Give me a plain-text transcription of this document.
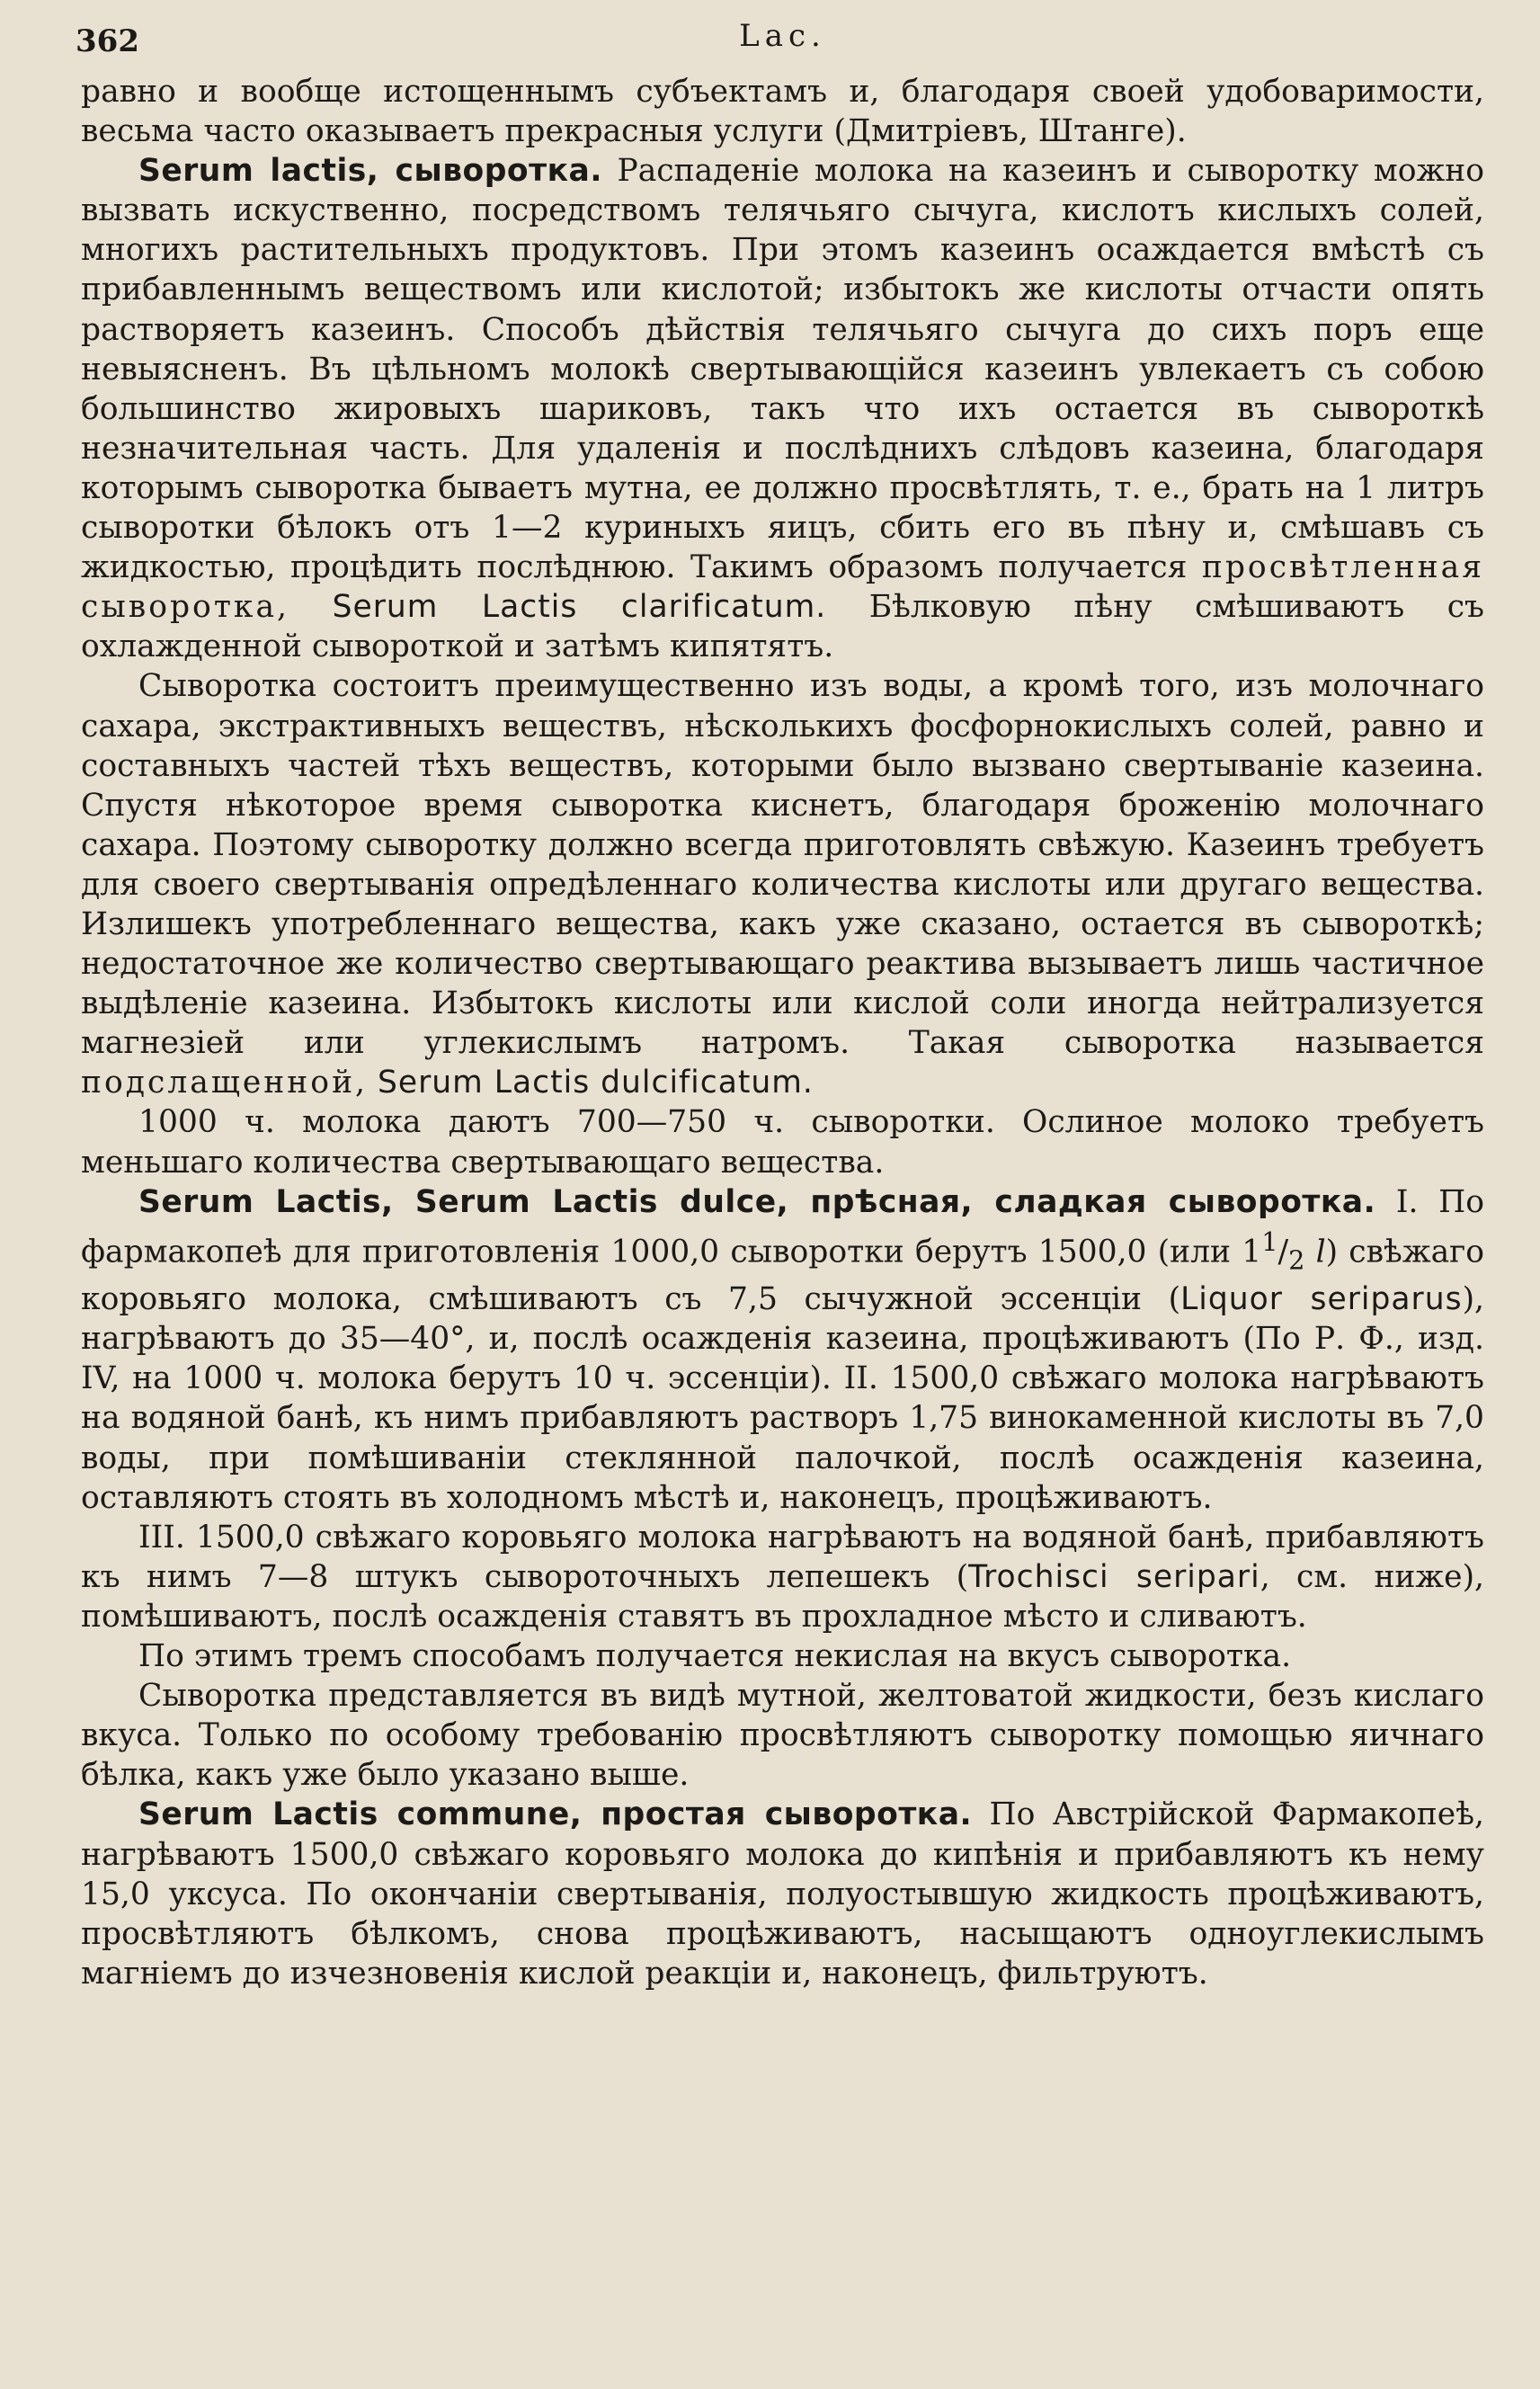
362	Lac.

равно и вообще истощеннымъ субъектамъ и, благодаря своей удобоваримости, весьма часто оказываетъ прекрасныя услуги (Дмитріевъ, Штанге).

Serum lactis, сыворотка. Распаденіе молока на казеинъ и сыворотку можно вызвать искуственно, посредствомъ телячьяго сычуга, кислотъ кислыхъ солей, многихъ растительныхъ продуктовъ. При этомъ казеинъ осаждается вмѣстѣ съ прибавленнымъ веществомъ или кислотой; избытокъ же кислоты отчасти опять растворяетъ казеинъ. Способъ дѣйствія телячьяго сычуга до сихъ поръ еще невыясненъ. Въ цѣльномъ молокѣ свертывающійся казеинъ увлекаетъ съ собою большинство жировыхъ шариковъ, такъ что ихъ остается въ сывороткѣ незначительная часть. Для удаленія и послѣднихъ слѣдовъ казеина, благодаря которымъ сыворотка бываетъ мутна, ее должно просвѣтлять, т. е., брать на 1 литръ сыворотки бѣлокъ отъ 1—2 куриныхъ яицъ, сбить его въ пѣну и, смѣшавъ съ жидкостью, процѣдить послѣднюю. Такимъ образомъ получается просвѣтленная сыворотка, Serum Lactis clarificatum. Бѣлковую пѣну смѣшиваютъ съ охлажденной сывороткой и затѣмъ кипятятъ.

Сыворотка состоитъ преимущественно изъ воды, а кромѣ того, изъ молочнаго сахара, экстрактивныхъ веществъ, нѣсколькихъ фосфорнокислыхъ солей, равно и составныхъ частей тѣхъ веществъ, которыми было вызвано свертываніе казеина. Спустя нѣкоторое время сыворотка киснетъ, благодаря броженію молочнаго сахара. Поэтому сыворотку должно всегда приготовлять свѣжую. Казеинъ требуетъ для своего свертыванія опредѣленнаго количества кислоты или другаго вещества. Излишекъ употребленнаго вещества, какъ уже сказано, остается въ сывороткѣ; недостаточное же количество свертывающаго реактива вызываетъ лишь частичное выдѣленіе казеина. Избытокъ кислоты или кислой соли иногда нейтрализуется магнезіей или углекислымъ натромъ. Такая сыворотка называется подслащенной, Serum Lactis dulcificatum.

1000 ч. молока даютъ 700—750 ч. сыворотки. Ослиное молоко требуетъ меньшаго количества свертывающаго вещества.

Serum Lactis, Serum Lactis dulce, прѣсная, сладкая сыворотка. I. По фармакопеѣ для приготовленія 1000,0 сыворотки берутъ 1500,0 (или $1^1/_2$ l) свѣжаго коровьяго молока, смѣшиваютъ съ 7,5 сычужной эссенціи (Liquor seriparus), нагрѣваютъ до 35—40°, и, послѣ осажденія казеина, процѣживаютъ (По Р. Ф., изд. IV, на 1000 ч. молока берутъ 10 ч. эссенціи). II. 1500,0 свѣжаго молока нагрѣваютъ на водяной банѣ, къ нимъ прибавляютъ растворъ 1,75 винокаменной кислоты въ 7,0 воды, при помѣшиваніи стеклянной палочкой, послѣ осажденія казеина, оставляютъ стоять въ холодномъ мѣстѣ и, наконецъ, процѣживаютъ.

III. 1500,0 свѣжаго коровьяго молока нагрѣваютъ на водяной банѣ, прибавляютъ къ нимъ 7—8 штукъ сывороточныхъ лепешекъ (Trochisci seripari, см. ниже), помѣшиваютъ, послѣ осажденія ставятъ въ прохладное мѣсто и сливаютъ.

По этимъ тремъ способамъ получается некислая на вкусъ сыворотка.

Сыворотка представляется въ видѣ мутной, желтоватой жидкости, безъ кислаго вкуса. Только по особому требованію просвѣтляютъ сыворотку помощью яичнаго бѣлка, какъ уже было указано выше.

Serum Lactis commune, простая сыворотка. По Австрійской Фармакопеѣ, нагрѣваютъ 1500,0 свѣжаго коровьяго молока до кипѣнія и прибавляютъ къ нему 15,0 уксуса. По окончаніи свертыванія, полуостывшую жидкость процѣживаютъ, просвѣтляютъ бѣлкомъ, снова процѣживаютъ, насыщаютъ одноуглекислымъ магніемъ до изчезновенія кислой реакціи и, наконецъ, фильтруютъ.
